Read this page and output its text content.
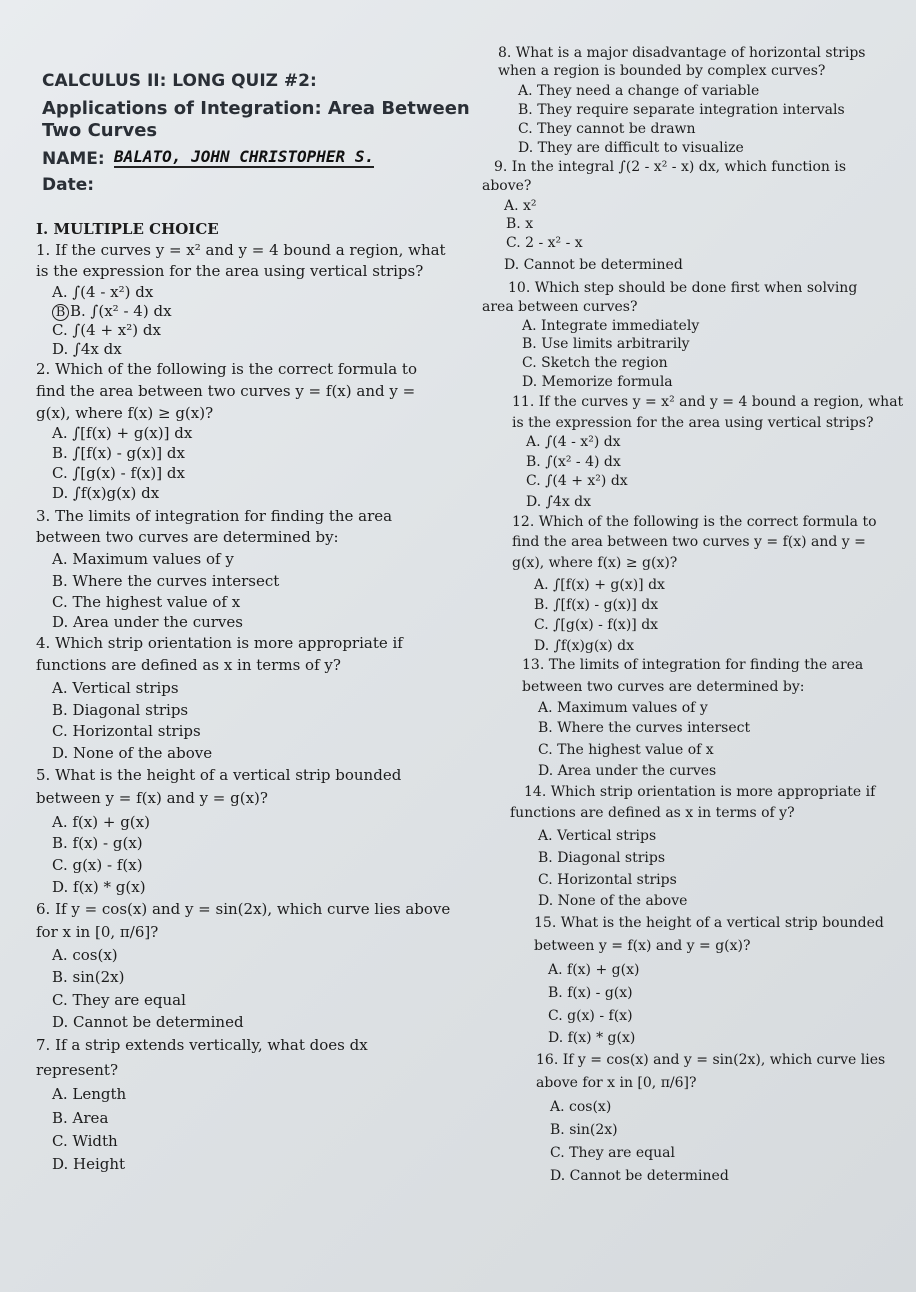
CALCULUS II: LONG QUIZ #2:
Applications of Integration: Area Between
Two Curves
NAME: BALATO, JOHN CHRISTOPHER S.
Date:
I. MULTIPLE CHOICE
1. If the curves y = x² and y = 4 bound a region, what
is the expression for the area using vertical strips?
A. ∫(4 - x²) dx
B B. ∫(x² - 4) dx
C. ∫(4 + x²) dx
D. ∫4x dx
2. Which of the following is the correct formula to
find the area between two curves y = f(x) and y =
g(x), where f(x) ≥ g(x)?
A. ∫[f(x) + g(x)] dx
B. ∫[f(x) - g(x)] dx
C. ∫[g(x) - f(x)] dx
D. ∫f(x)g(x) dx
3. The limits of integration for finding the area
between two curves are determined by:
A. Maximum values of y
B. Where the curves intersect
C. The highest value of x
D. Area under the curves
4. Which strip orientation is more appropriate if
functions are defined as x in terms of y?
A. Vertical strips
B. Diagonal strips
C. Horizontal strips
D. None of the above
5. What is the height of a vertical strip bounded
between y = f(x) and y = g(x)?
A. f(x) + g(x)
B. f(x) - g(x)
C. g(x) - f(x)
D. f(x) * g(x)
6. If y = cos(x) and y = sin(2x), which curve lies above
for x in [0, π/6]?
A. cos(x)
B. sin(2x)
C. They are equal
D. Cannot be determined
7. If a strip extends vertically, what does dx
represent?
A. Length
B. Area
C. Width
D. Height
8. What is a major disadvantage of horizontal strips
when a region is bounded by complex curves?
A. They need a change of variable
B. They require separate integration intervals
C. They cannot be drawn
D. They are difficult to visualize
9. In the integral ∫(2 - x² - x) dx, which function is
above?
A. x²
B. x
C. 2 - x² - x
D. Cannot be determined
10. Which step should be done first when solving
area between curves?
A. Integrate immediately
B. Use limits arbitrarily
C. Sketch the region
D. Memorize formula
11. If the curves y = x² and y = 4 bound a region, what
is the expression for the area using vertical strips?
A. ∫(4 - x²) dx
B. ∫(x² - 4) dx
C. ∫(4 + x²) dx
D. ∫4x dx
12. Which of the following is the correct formula to
find the area between two curves y = f(x) and y =
g(x), where f(x) ≥ g(x)?
A. ∫[f(x) + g(x)] dx
B. ∫[f(x) - g(x)] dx
C. ∫[g(x) - f(x)] dx
D. ∫f(x)g(x) dx
13. The limits of integration for finding the area
between two curves are determined by:
A. Maximum values of y
B. Where the curves intersect
C. The highest value of x
D. Area under the curves
14. Which strip orientation is more appropriate if
functions are defined as x in terms of y?
A. Vertical strips
B. Diagonal strips
C. Horizontal strips
D. None of the above
15. What is the height of a vertical strip bounded
between y = f(x) and y = g(x)?
A. f(x) + g(x)
B. f(x) - g(x)
C. g(x) - f(x)
D. f(x) * g(x)
16. If y = cos(x) and y = sin(2x), which curve lies
above for x in [0, π/6]?
A. cos(x)
B. sin(2x)
C. They are equal
D. Cannot be determined
